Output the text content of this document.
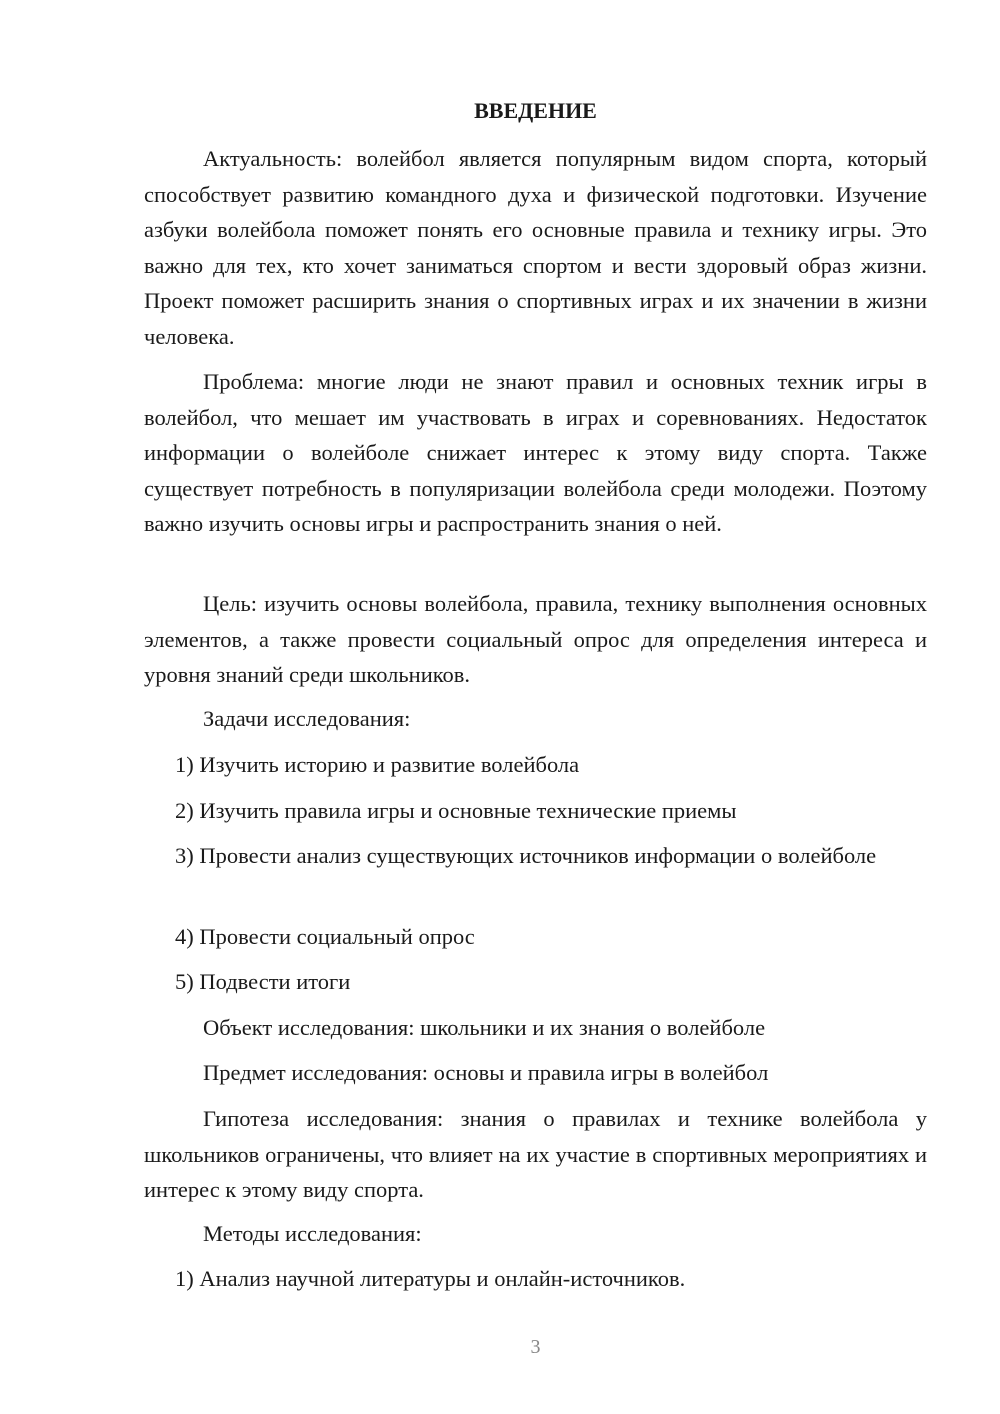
ВВЕДЕНИЕ

Актуальность: волейбол является популярным видом спорта, который способствует развитию командного духа и физической подготовки. Изучение азбуки волейбола поможет понять его основные правила и технику игры. Это важно для тех, кто хочет заниматься спортом и вести здоровый образ жизни. Проект поможет расширить знания о спортивных играх и их значении в жизни человека.

Проблема: многие люди не знают правил и основных техник игры в волейбол, что мешает им участвовать в играх и соревнованиях. Недостаток информации о волейболе снижает интерес к этому виду спорта. Также существует потребность в популяризации волейбола среди молодежи. Поэтому важно изучить основы игры и распространить знания о ней.

Цель: изучить основы волейбола, правила, технику выполнения основных элементов, а также провести социальный опрос для определения интереса и уровня знаний среди школьников.

Задачи исследования:

1) Изучить историю и развитие волейбола

2) Изучить правила игры и основные технические приемы

3) Провести анализ существующих источников информации о волейболе

4) Провести социальный опрос

5) Подвести итоги

Объект исследования: школьники и их знания о волейболе

Предмет исследования: основы и правила игры в волейбол

Гипотеза исследования: знания о правилах и технике волейбола у школьников ограничены, что влияет на их участие в спортивных мероприятиях и интерес к этому виду спорта.

Методы исследования:

1) Анализ научной литературы и онлайн-источников.

3
